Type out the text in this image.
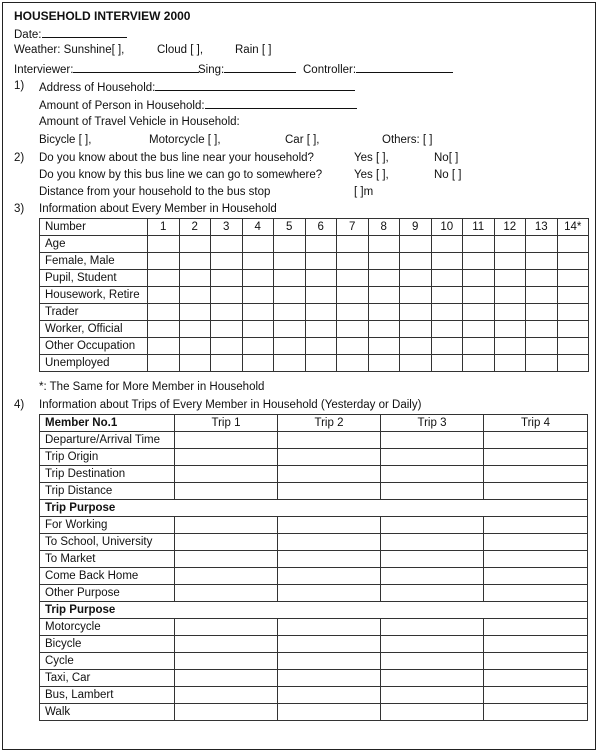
HOUSEHOLD INTERVIEW 2000
Date:
Weather: Sunshine[ ],	Cloud [ ],	Rain [ ]
Interviewer:	Sing:	Controller:
1) Address of Household:
Amount of Person in Household:
Amount of Travel Vehicle in Household:
Bicycle [ ],	Motorcycle [ ],	Car [ ],	Others: [ ]
2) Do you know about the bus line near your household?	Yes [ ],	No[ ]
Do you know by this bus line we can go to somewhere?	Yes [ ],	No [ ]
Distance from your household to the bus stop	[ ]m
3) Information about Every Member in Household
Number	1	2	3	4	5	6	7	8	9	10	11	12	13	14*
Age														
Female, Male														
Pupil, Student														
Housework, Retire														
Trader														
Worker, Official														
Other Occupation														
Unemployed														
*: The Same for More Member in Household
4) Information about Trips of Every Member in Household (Yesterday or Daily)
Member No.1	Trip 1	Trip 2	Trip 3	Trip 4
Departure/Arrival Time				
Trip Origin				
Trip Destination				
Trip Distance				
Trip Purpose				
For Working				
To School, University				
To Market				
Come Back Home				
Other Purpose				
Trip Purpose				
Motorcycle				
Bicycle				
Cycle				
Taxi, Car				
Bus, Lambert				
Walk				
